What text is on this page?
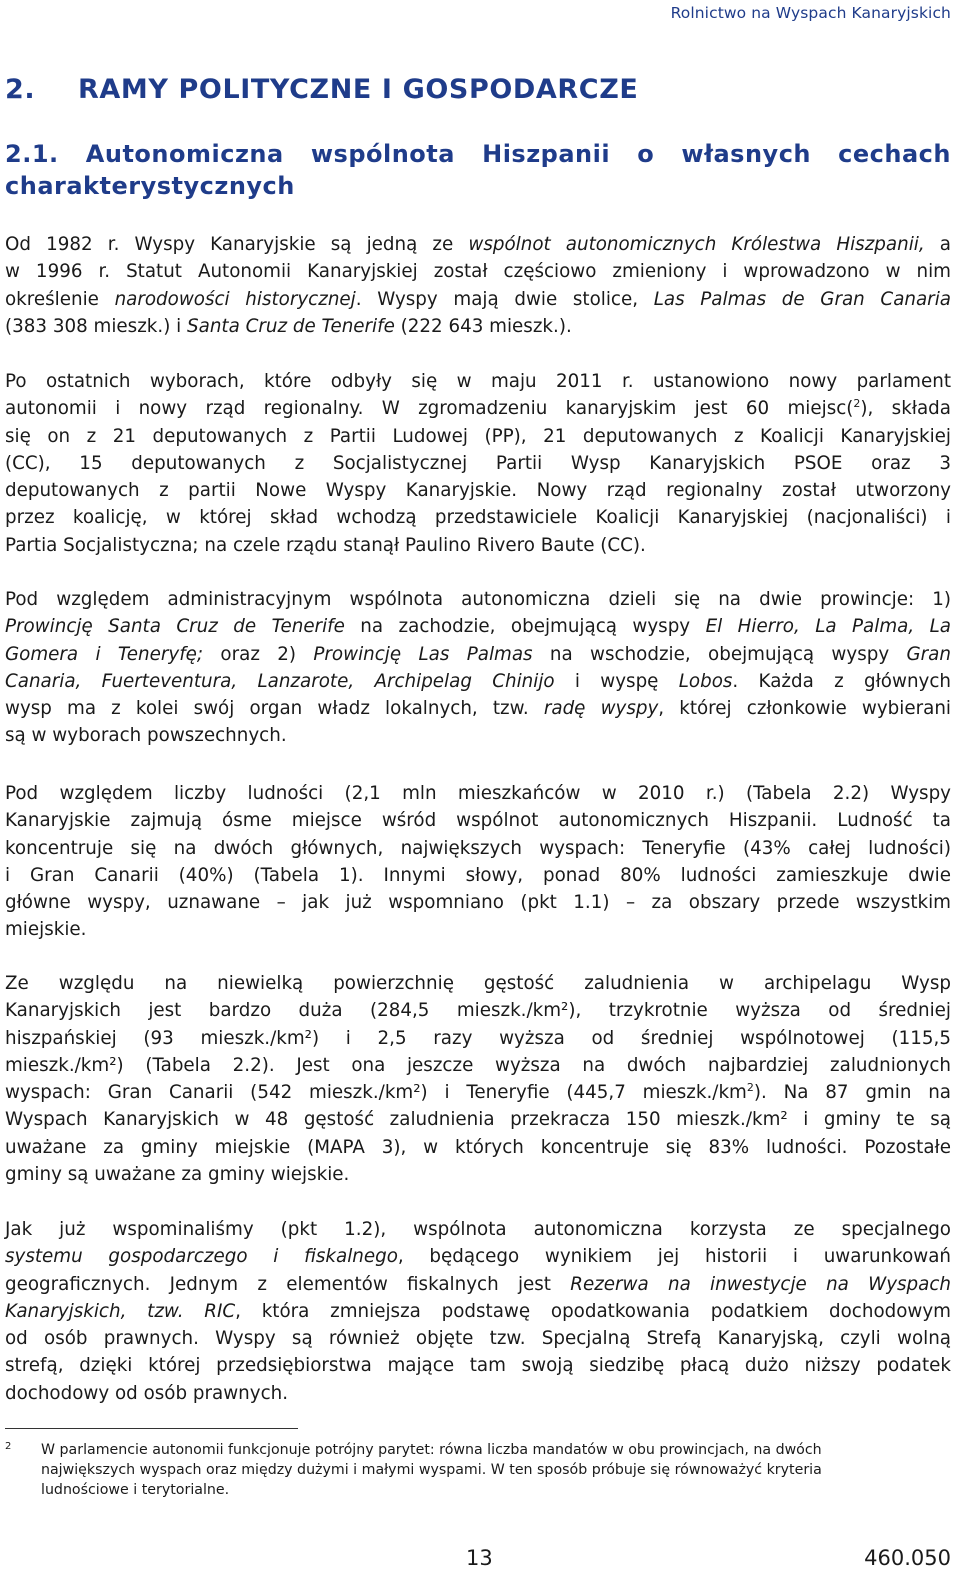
Rolnictwo na Wyspach Kanaryjskich
2. RAMY POLITYCZNE I GOSPODARCZE
2.1. Autonomiczna wspólnota Hiszpanii o własnych cechach
charakterystycznych
Od 1982 r. Wyspy Kanaryjskie są jedną ze wspólnot autonomicznych Królestwa Hiszpanii, a
w 1996 r. Statut Autonomii Kanaryjskiej został częściowo zmieniony i wprowadzono w nim
określenie narodowości historycznej. Wyspy mają dwie stolice, Las Palmas de Gran Canaria
(383 308 mieszk.) i Santa Cruz de Tenerife (222 643 mieszk.).
Po ostatnich wyborach, które odbyły się w maju 2011 r. ustanowiono nowy parlament
autonomii i nowy rząd regionalny. W zgromadzeniu kanaryjskim jest 60 miejsc($^2$), składa
się on z 21 deputowanych z Partii Ludowej (PP), 21 deputowanych z Koalicji Kanaryjskiej
(CC), 15 deputowanych z Socjalistycznej Partii Wysp Kanaryjskich PSOE oraz 3
deputowanych z partii Nowe Wyspy Kanaryjskie. Nowy rząd regionalny został utworzony
przez koalicję, w której skład wchodzą przedstawiciele Koalicji Kanaryjskiej (nacjonaliści) i
Partia Socjalistyczna; na czele rządu stanął Paulino Rivero Baute (CC).
Pod względem administracyjnym wspólnota autonomiczna dzieli się na dwie prowincje: 1)
Prowincję Santa Cruz de Tenerife na zachodzie, obejmującą wyspy El Hierro, La Palma, La
Gomera i Teneryfę; oraz 2) Prowincję Las Palmas na wschodzie, obejmującą wyspy Gran
Canaria, Fuerteventura, Lanzarote, Archipelag Chinijo i wyspę Lobos. Każda z głównych
wysp ma z kolei swój organ władz lokalnych, tzw. radę wyspy, której członkowie wybierani
są w wyborach powszechnych.
Pod względem liczby ludności (2,1 mln mieszkańców w 2010 r.) (Tabela 2.2) Wyspy
Kanaryjskie zajmują ósme miejsce wśród wspólnot autonomicznych Hiszpanii. Ludność ta
koncentruje się na dwóch głównych, największych wyspach: Teneryfie (43% całej ludności)
i Gran Canarii (40%) (Tabela 1). Innymi słowy, ponad 80% ludności zamieszkuje dwie
główne wyspy, uznawane – jak już wspomniano (pkt 1.1) – za obszary przede wszystkim
miejskie.
Ze względu na niewielką powierzchnię gęstość zaludnienia w archipelagu Wysp
Kanaryjskich jest bardzo duża (284,5 mieszk./km²), trzykrotnie wyższa od średniej
hiszpańskiej (93 mieszk./km²) i 2,5 razy wyższa od średniej wspólnotowej (115,5
mieszk./km²) (Tabela 2.2). Jest ona jeszcze wyższa na dwóch najbardziej zaludnionych
wyspach: Gran Canarii (542 mieszk./km²) i Teneryfie (445,7 $mieszk./km^2$). Na 87 gmin na
Wyspach Kanaryjskich w 48 gęstość zaludnienia przekracza 150 mieszk./km² i gminy te są
uważane za gminy miejskie (MAPA 3), w których koncentruje się 83% ludności. Pozostałe
gminy są uważane za gminy wiejskie.
Jak już wspominaliśmy (pkt 1.2), wspólnota autonomiczna korzysta ze specjalnego
systemu gospodarczego i fiskalnego, będącego wynikiem jej historii i uwarunkowań
geograficznych. Jednym z elementów fiskalnych jest Rezerwa na inwestycje na Wyspach
Kanaryjskich, tzw. RIC, która zmniejsza podstawę opodatkowania podatkiem dochodowym
od osób prawnych. Wyspy są również objęte tzw. Specjalną Strefą Kanaryjską, czyli wolną
strefą, dzięki której przedsiębiorstwa mające tam swoją siedzibę płacą dużo niższy podatek
dochodowy od osób prawnych.
2 W parlamencie autonomii funkcjonuje potrójny parytet: równa liczba mandatów w obu prowincjach, na dwóch
największych wyspach oraz między dużymi i małymi wyspami. W ten sposób próbuje się równoważyć kryteria
ludnościowe i terytorialne.
13	460.050
